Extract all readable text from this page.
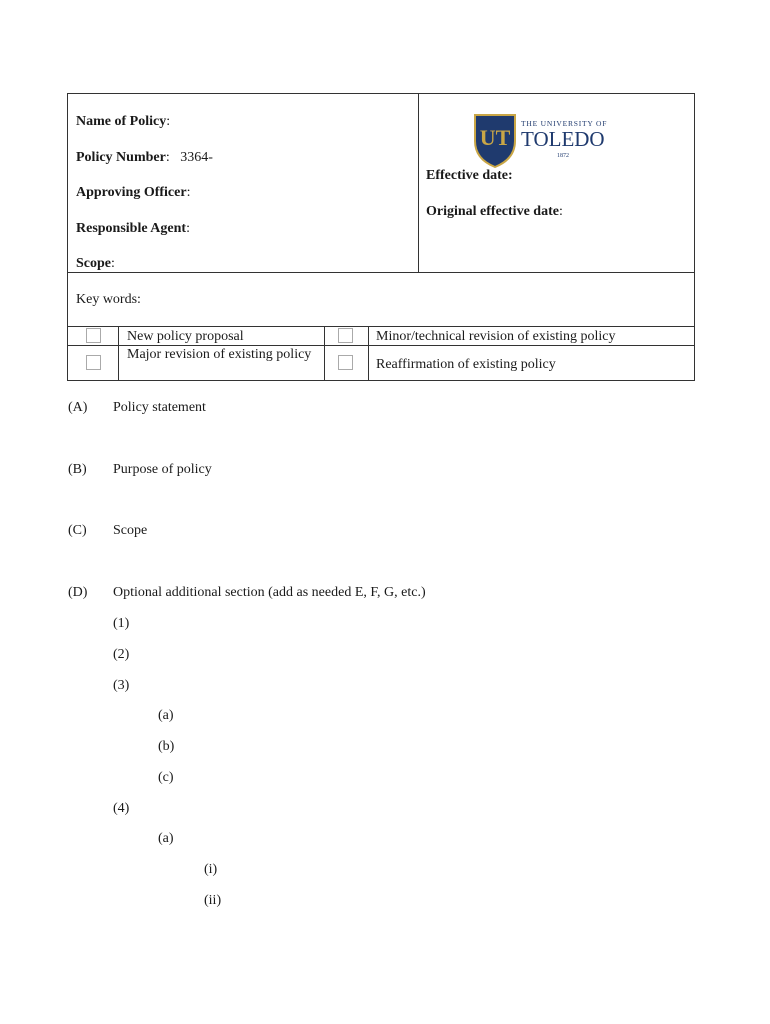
Name of Policy:
Policy Number: 3364-
Approving Officer:
Responsible Agent:
Scope:
UT
THE UNIVERSITY OF
TOLEDO
1872
Effective date:
Original effective date:
Key words:
New policy proposal	Minor/technical revision of existing policy
Major revision of existing policy
Reaffirmation of existing policy
(A) Policy statement
(B) Purpose of policy
(C) Scope
(D) Optional additional section (add as needed E, F, G, etc.)
(1)
(2)
(3)
(a)
(b)
(c)
(4)
(a)
(i)
(ii)
